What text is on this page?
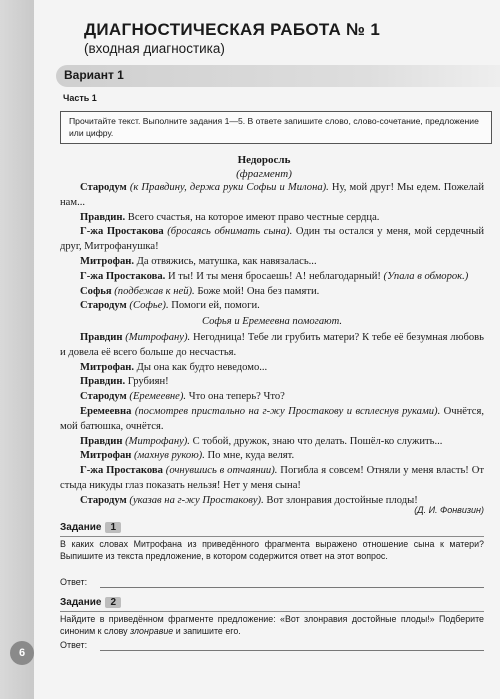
ДИАГНОСТИЧЕСКАЯ РАБОТА № 1
(входная диагностика)
Вариант 1
Часть 1

Прочитайте текст. Выполните задания 1—5. В ответе запишите слово, слово-сочетание, предложение или цифру.

Недоросль
(фрагмент)

Стародум (к Правдину, держа руки Софьи и Милона). Ну, мой друг! Мы едем. Пожелай нам...

Правдин. Всего счастья, на которое имеют право честные сердца.

Г-жа Простакова (бросаясь обнимать сына). Один ты остался у меня, мой сердечный друг, Митрофанушка!

Митрофан. Да отвяжись, матушка, как навязалась...

Г-жа Простакова. И ты! И ты меня бросаешь! А! неблагодарный! (Упала в обморок.)

Софья (подбежав к ней). Боже мой! Она без памяти.

Стародум (Софье). Помоги ей, помоги.

Софья и Еремеевна помогают.

Правдин (Митрофану). Негодница! Тебе ли грубить матери? К тебе её безумная любовь и довела её всего больше до несчастья.

Митрофан. Ды она как будто неведомо...

Правдин. Грубиян!

Стародум (Еремеевне). Что она теперь? Что?

Еремеевна (посмотрев пристально на г-жу Простакову и всплеснув руками). Очнётся, мой батюшка, очнётся.

Правдин (Митрофану). С тобой, дружок, знаю что делать. Пошёл-ко служить...

Митрофан (махнув рукою). По мне, куда велят.

Г-жа Простакова (очнувшись в отчаянии). Погибла я совсем! Отняли у меня власть! От стыда никуды глаз показать нельзя! Нет у меня сына!

Стародум (указав на г-жу Простакову). Вот злонравия достойные плоды!

(Д. И. Фонвизин)
Задание 1
В каких словах Митрофана из приведённого фрагмента выражено отношение сына к матери? Выпишите из текста предложение, в котором содержится ответ на этот вопрос.
Ответ:
Задание 2
Найдите в приведённом фрагменте предложение: «Вот злонравия достойные плоды!» Подберите синоним к слову злонравие и запишите его.
Ответ:
6
